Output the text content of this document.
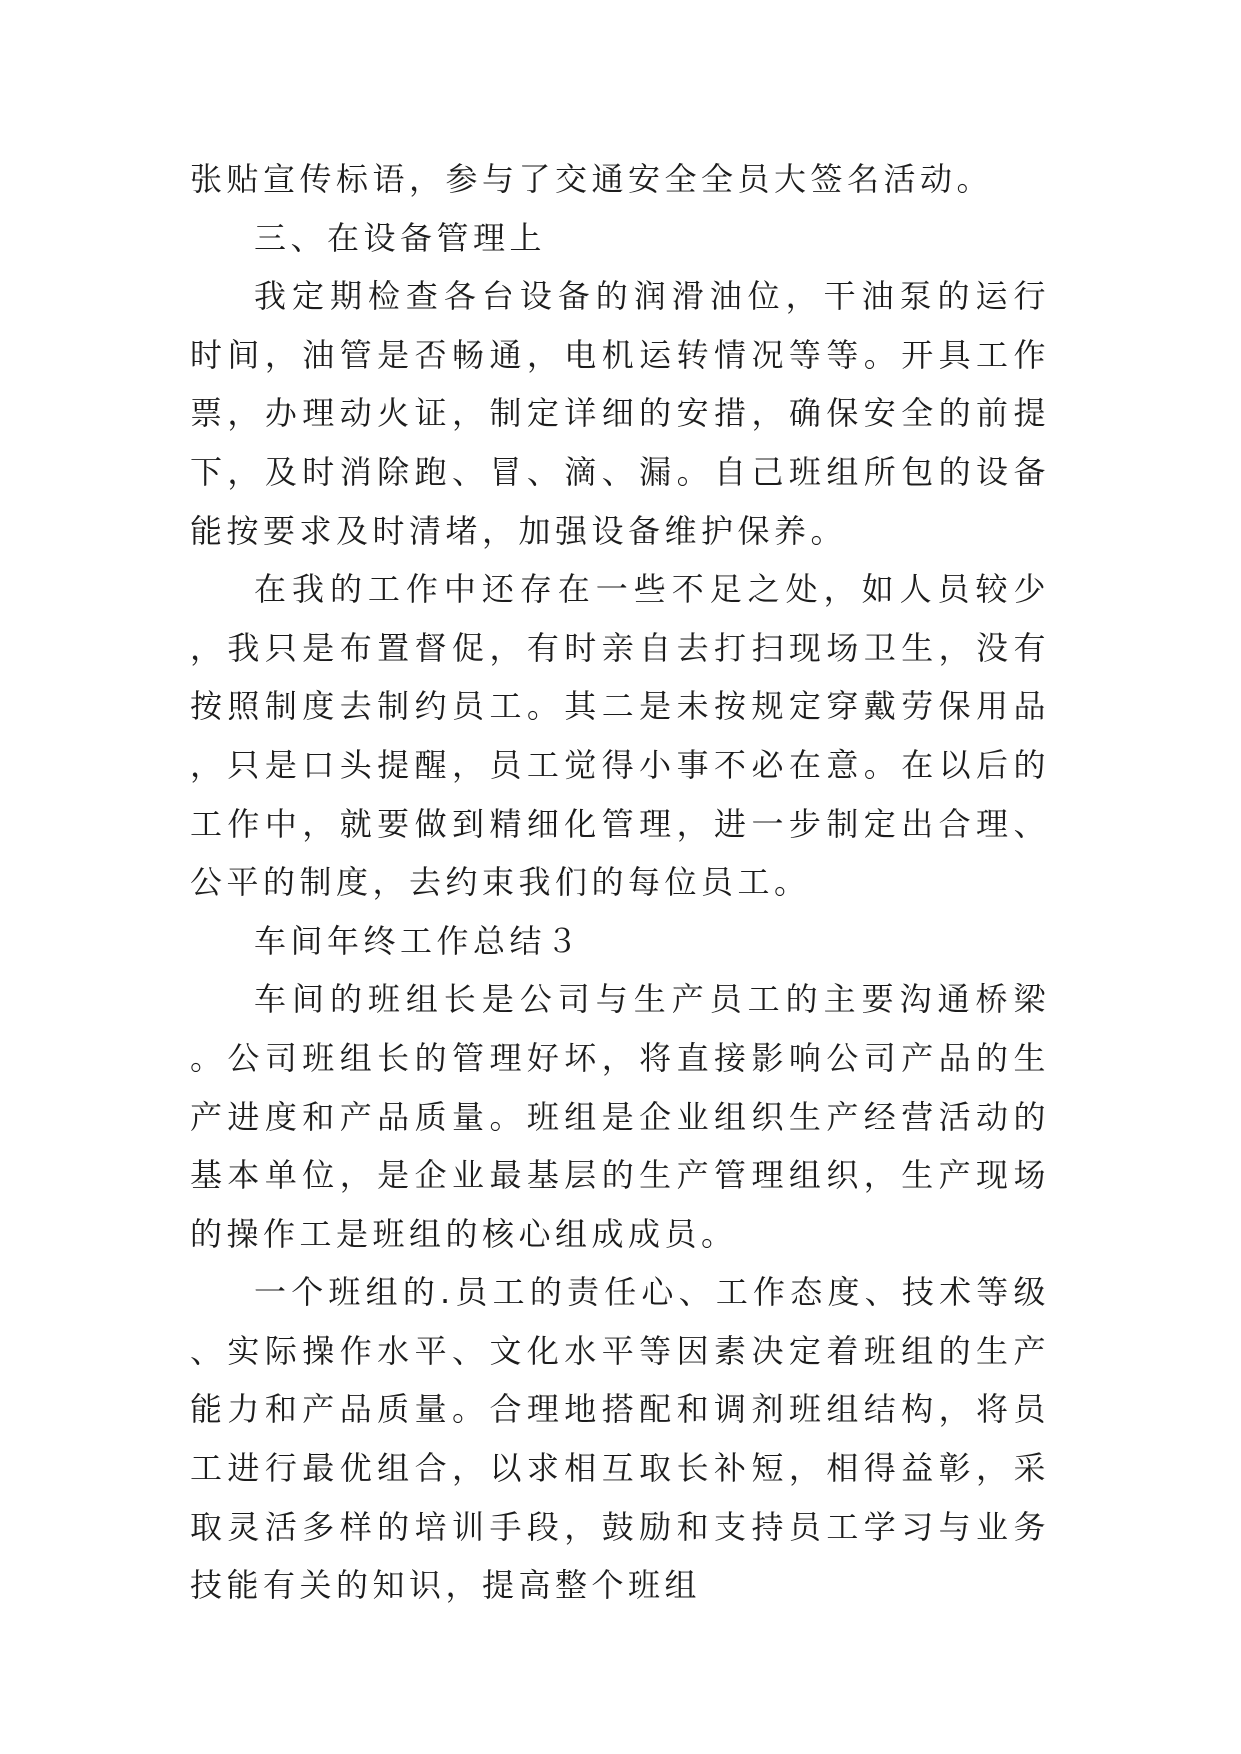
张贴宣传标语，参与了交通安全全员大签名活动。

三、在设备管理上

我定期检查各台设备的润滑油位，干油泵的运行时间，油管是否畅通，电机运转情况等等。开具工作票，办理动火证，制定详细的安措，确保安全的前提下，及时消除跑、冒、滴、漏。自己班组所包的设备能按要求及时清堵，加强设备维护保养。

在我的工作中还存在一些不足之处，如人员较少，我只是布置督促，有时亲自去打扫现场卫生，没有按照制度去制约员工。其二是未按规定穿戴劳保用品，只是口头提醒，员工觉得小事不必在意。在以后的工作中，就要做到精细化管理，进一步制定出合理、公平的制度，去约束我们的每位员工。

车间年终工作总结３

车间的班组长是公司与生产员工的主要沟通桥梁。公司班组长的管理好坏，将直接影响公司产品的生产进度和产品质量。班组是企业组织生产经营活动的基本单位，是企业最基层的生产管理组织，生产现场的操作工是班组的核心组成成员。

一个班组的.员工的责任心、工作态度、技术等级、实际操作水平、文化水平等因素决定着班组的生产能力和产品质量。合理地搭配和调剂班组结构，将员工进行最优组合，以求相互取长补短，相得益彰，采取灵活多样的培训手段，鼓励和支持员工学习与业务技能有关的知识，提高整个班组
